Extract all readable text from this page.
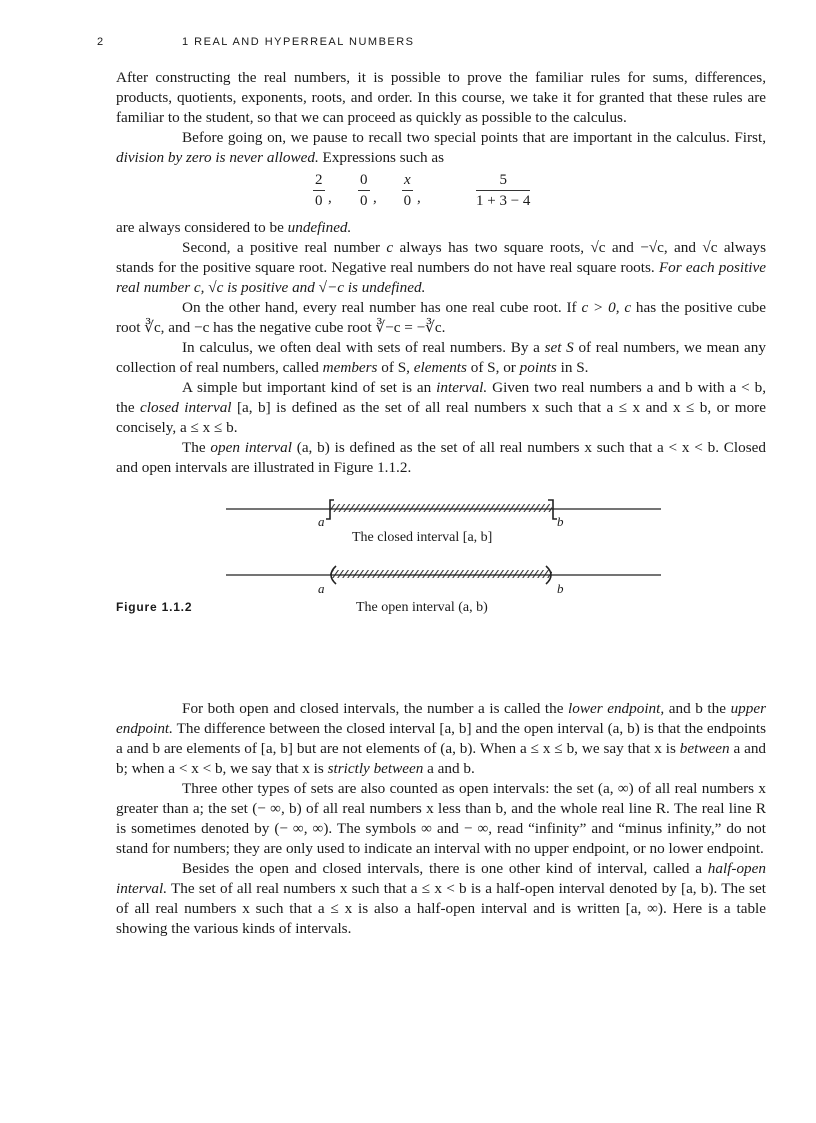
2	1 REAL AND HYPERREAL NUMBERS

After constructing the real numbers, it is possible to prove the familiar rules for sums, differences, products, quotients, exponents, roots, and order. In this course, we take it for granted that these rules are familiar to the student, so that we can proceed as quickly as possible to the calculus.

Before going on, we pause to recall two special points that are important in the calculus. First, division by zero is never allowed. Expressions such as

$\frac{2}{0}$ , $\frac{0}{0}$ , $\frac{x}{0}$ ,	$\frac{5}{1 + 3 - 4}$

are always considered to be undefined.

Second, a positive real number c always has two square roots, √c and −√c, and √c always stands for the positive square root. Negative real numbers do not have real square roots. For each positive real number c, √c is positive and √−c is undefined.

On the other hand, every real number has one real cube root. If c > 0, c has the positive cube root ∛c, and −c has the negative cube root ∛−c = −∛c.

In calculus, we often deal with sets of real numbers. By a set S of real numbers, we mean any collection of real numbers, called members of S, elements of S, or points in S.

A simple but important kind of set is an interval. Given two real numbers a and b with a < b, the closed interval [a, b] is defined as the set of all real numbers x such that a ≤ x and x ≤ b, or more concisely, a ≤ x ≤ b.

The open interval (a, b) is defined as the set of all real numbers x such that a < x < b. Closed and open intervals are illustrated in Figure 1.1.2.

a	b
The closed interval [a, b]
a	b
The open interval (a, b)
Figure 1.1.2

For both open and closed intervals, the number a is called the lower endpoint, and b the upper endpoint. The difference between the closed interval [a, b] and the open interval (a, b) is that the endpoints a and b are elements of [a, b] but are not elements of (a, b). When a ≤ x ≤ b, we say that x is between a and b; when a < x < b, we say that x is strictly between a and b.

Three other types of sets are also counted as open intervals: the set (a, ∞) of all real numbers x greater than a; the set (− ∞, b) of all real numbers x less than b, and the whole real line R. The real line R is sometimes denoted by (− ∞, ∞). The symbols ∞ and − ∞, read “infinity” and “minus infinity,” do not stand for numbers; they are only used to indicate an interval with no upper endpoint, or no lower endpoint.

Besides the open and closed intervals, there is one other kind of interval, called a half-open interval. The set of all real numbers x such that a ≤ x < b is a half-open interval denoted by [a, b). The set of all real numbers x such that a ≤ x is also a half-open interval and is written [a, ∞). Here is a table showing the various kinds of intervals.
